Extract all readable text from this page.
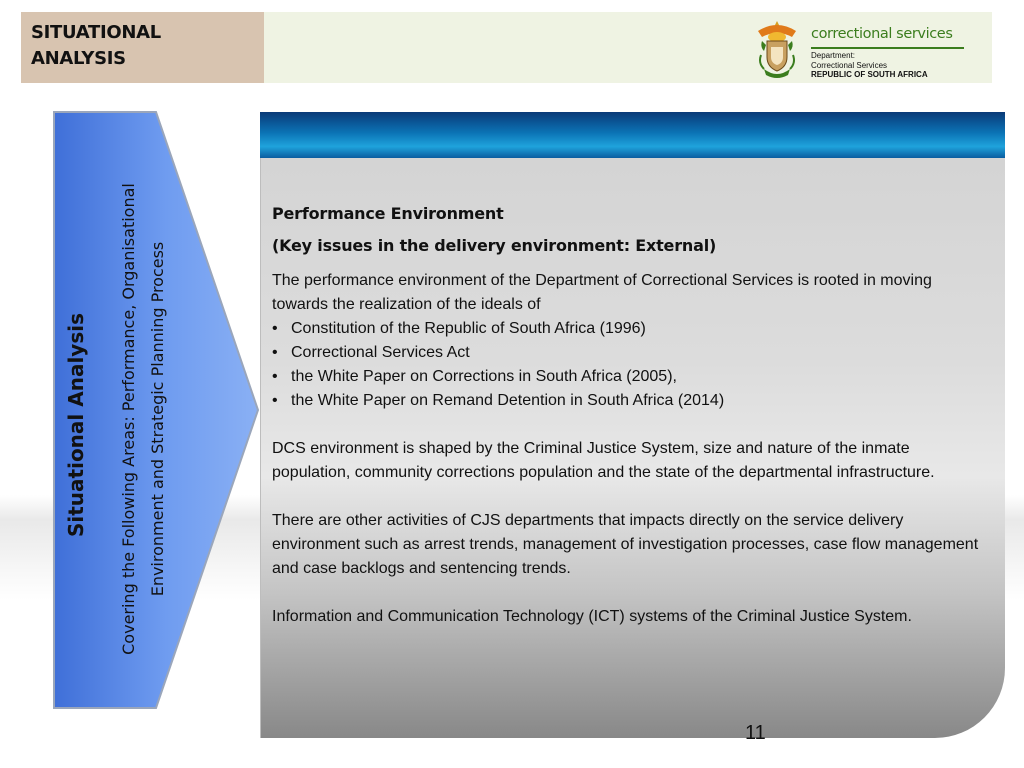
SITUATIONAL
ANALYSIS
correctional services
Department:
Correctional Services
REPUBLIC OF SOUTH AFRICA
Situational Analysis	Covering the Following Areas: Performance, Organisational Environment and Strategic Planning Process
Performance Environment
(Key issues in the delivery environment: External)

The performance environment of the Department of Correctional Services is rooted in moving towards the realization of the ideals of

• Constitution of the Republic of South Africa (1996)
• Correctional Services Act
• the White Paper on Corrections in South Africa (2005),
• the White Paper on Remand Detention in South Africa (2014)

DCS environment is shaped by the Criminal Justice System, size and nature of the inmate population, community corrections population and the state of the departmental infrastructure.

There are other activities of CJS departments that impacts directly on the service delivery environment such as arrest trends, management of investigation processes, case flow management and case backlogs and sentencing trends.

Information and Communication Technology (ICT) systems of the Criminal Justice System.

11
